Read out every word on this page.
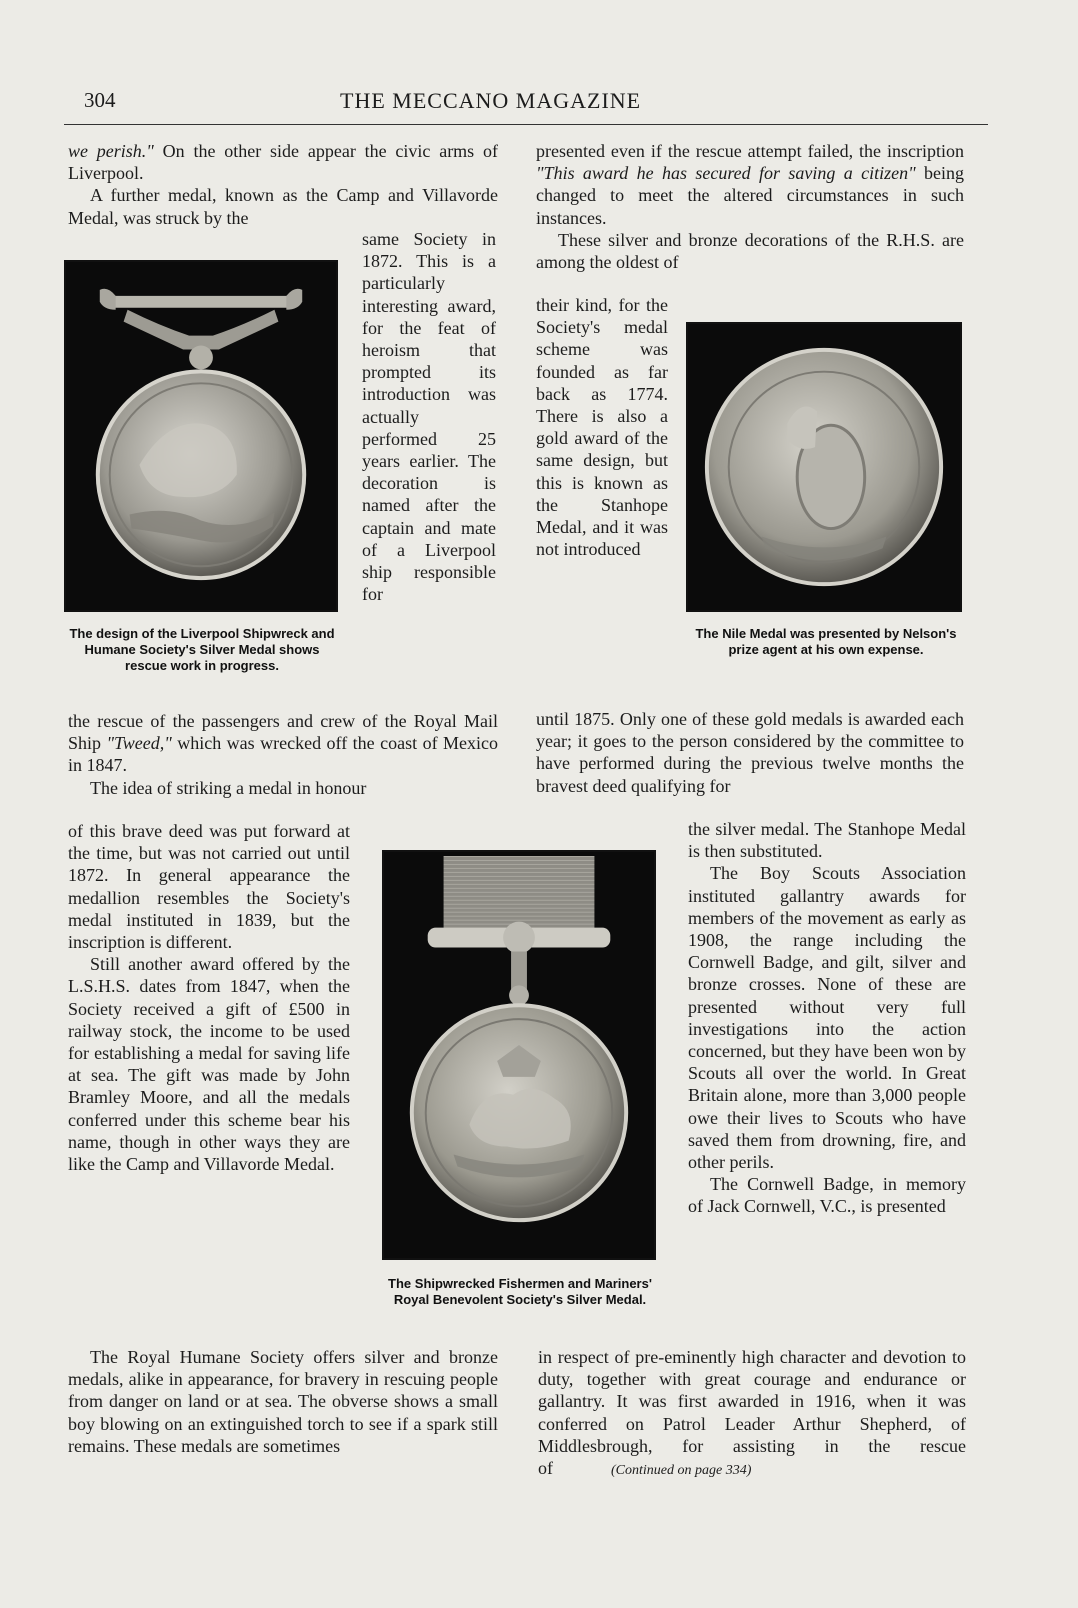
304	THE MECCANO MAGAZINE

we perish." On the other side appear the civic arms of Liverpool.

A further medal, known as the Camp and Villavorde Medal, was struck by the

The design of the Liverpool Shipwreck and Humane Society's Silver Medal shows rescue work in progress.
same Society in 1872. This is a particularly interesting award, for the feat of heroism that prompted its introduction was actually performed 25 years earlier. The decoration is named after the captain and mate of a Liverpool ship responsible for

the rescue of the passengers and crew of the Royal Mail Ship "Tweed," which was wrecked off the coast of Mexico in 1847.

The idea of striking a medal in honour

of this brave deed was put forward at the time, but was not carried out until 1872. In general appearance the medallion resembles the Society's medal instituted in 1839, but the inscription is different.

Still another award offered by the L.S.H.S. dates from 1847, when the Society received a gift of £500 in railway stock, the income to be used for establishing a medal for saving life at sea. The gift was made by John Bramley Moore, and all the medals conferred under this scheme bear his name, though in other ways they are like the Camp and Villavorde Medal.

The Shipwrecked Fishermen and Mariners' Royal Benevolent Society's Silver Medal.

The Royal Humane Society offers silver and bronze medals, alike in appearance, for bravery in rescuing people from danger on land or at sea. The obverse shows a small boy blowing on an extinguished torch to see if a spark still remains. These medals are sometimes

presented even if the rescue attempt failed, the inscription "This award he has secured for saving a citizen" being changed to meet the altered circumstances in such instances.

These silver and bronze decorations of the R.H.S. are among the oldest of

their kind, for the Society's medal scheme was founded as far back as 1774. There is also a gold award of the same design, but this is known as the Stanhope Medal, and it was not introduced
The Nile Medal was presented by Nelson's prize agent at his own expense.
until 1875. Only one of these gold medals is awarded each year; it goes to the person considered by the committee to have performed during the previous twelve months the bravest deed qualifying for

the silver medal. The Stanhope Medal is then substituted.

The Boy Scouts Association instituted gallantry awards for members of the movement as early as 1908, the range including the Cornwell Badge, and gilt, silver and bronze crosses. None of these are presented without very full investigations into the action concerned, but they have been won by Scouts all over the world. In Great Britain alone, more than 3,000 people owe their lives to Scouts who have saved them from drowning, fire, and other perils.

The Cornwell Badge, in memory of Jack Cornwell, V.C., is presented

in respect of pre-eminently high character and devotion to duty, together with great courage and endurance or gallantry. It was first awarded in 1916, when it was conferred on Patrol Leader Arthur Shepherd, of Middlesbrough, for assisting in the rescue of	(Continued on page 334)
